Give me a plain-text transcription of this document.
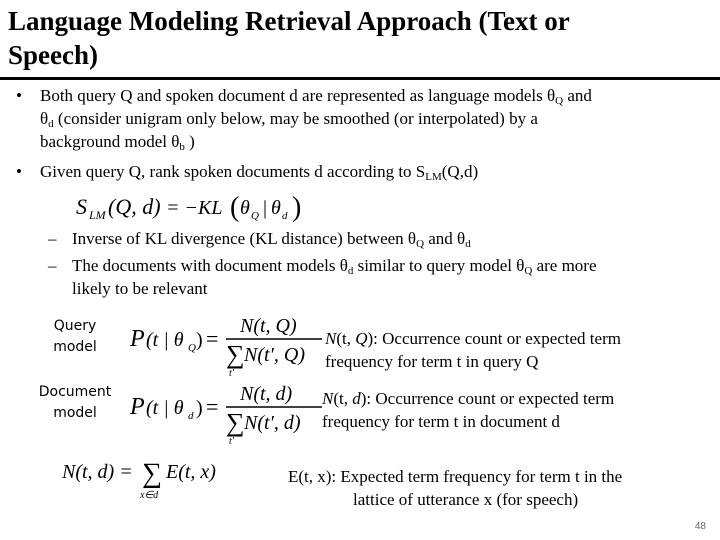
Language Modeling Retrieval Approach (Text or
Speech)
• Both query Q and spoken document d are represented as language models $\theta_Q$ and
$\theta_d$ (consider unigram only below, may be smoothed (or interpolated) by a
background model $\theta_b$ )
• Given query Q, rank spoken documents d according to $S_{LM}(Q,d)$
S LM (Q, d) = −KL ( θ Q | θ d )
– Inverse of KL divergence (KL distance) between $\theta_Q$ and $\theta_d$
– The documents with document models $\theta_d$ similar to query model $\theta_Q$ are more
likely to be relevant
Query
model	P (t | θ Q ) = N(t, Q)
∑ N(t′, Q)
t′
N(t, Q): Occurrence count or expected term
frequency for term t in query Q
Document
model	P (t | θ d ) = N(t, d)
∑ N(t′, d)
t′
N(t, d): Occurrence count or expected term
frequency for term t in document d
N(t, d) = ∑
x∈d
E(t, x)	E(t, x): Expected term frequency for term t in the
lattice of utterance x (for speech)
48
